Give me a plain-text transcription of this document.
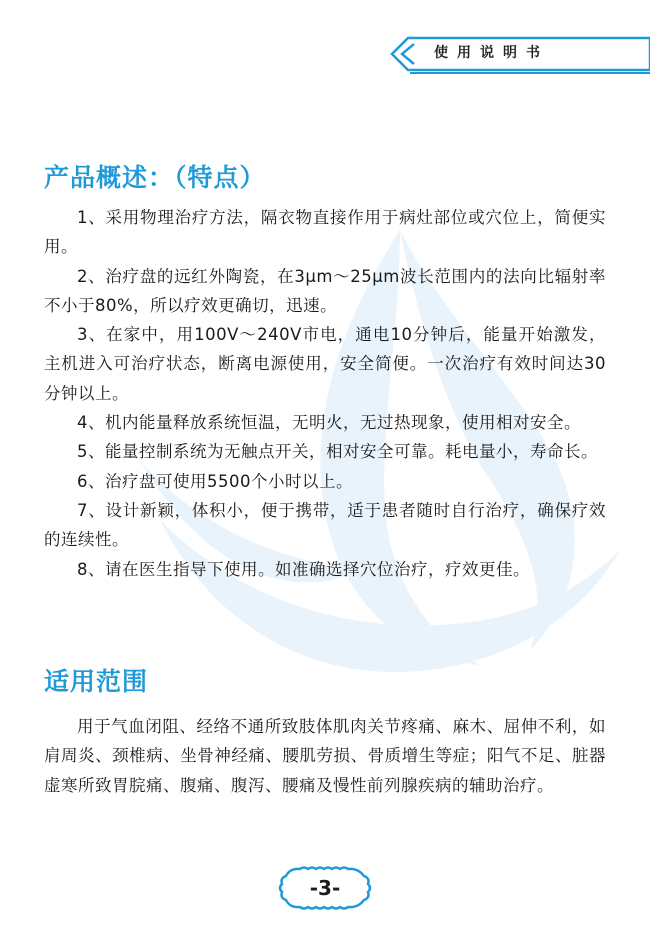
使用说明书
产品概述：（特点）

1、采用物理治疗方法，隔衣物直接作用于病灶部位或穴位上，简便实用。

2、治疗盘的远红外陶瓷，在3μm～25μm波长范围内的法向比辐射率不小于80%，所以疗效更确切，迅速。

3、在家中，用100V～240V市电，通电10分钟后，能量开始激发，主机进入可治疗状态，断离电源使用，安全简便。一次治疗有效时间达30分钟以上。

4、机内能量释放系统恒温，无明火，无过热现象，使用相对安全。

5、能量控制系统为无触点开关，相对安全可靠。耗电量小，寿命长。

6、治疗盘可使用5500个小时以上。

7、设计新颖，体积小，便于携带，适于患者随时自行治疗，确保疗效的连续性。

8、请在医生指导下使用。如准确选择穴位治疗，疗效更佳。

适用范围

用于气血闭阻、经络不通所致肢体肌肉关节疼痛、麻木、屈伸不利，如肩周炎、颈椎病、坐骨神经痛、腰肌劳损、骨质增生等症；阳气不足、脏器虚寒所致胃脘痛、腹痛、腹泻、腰痛及慢性前列腺疾病的辅助治疗。

-3-
